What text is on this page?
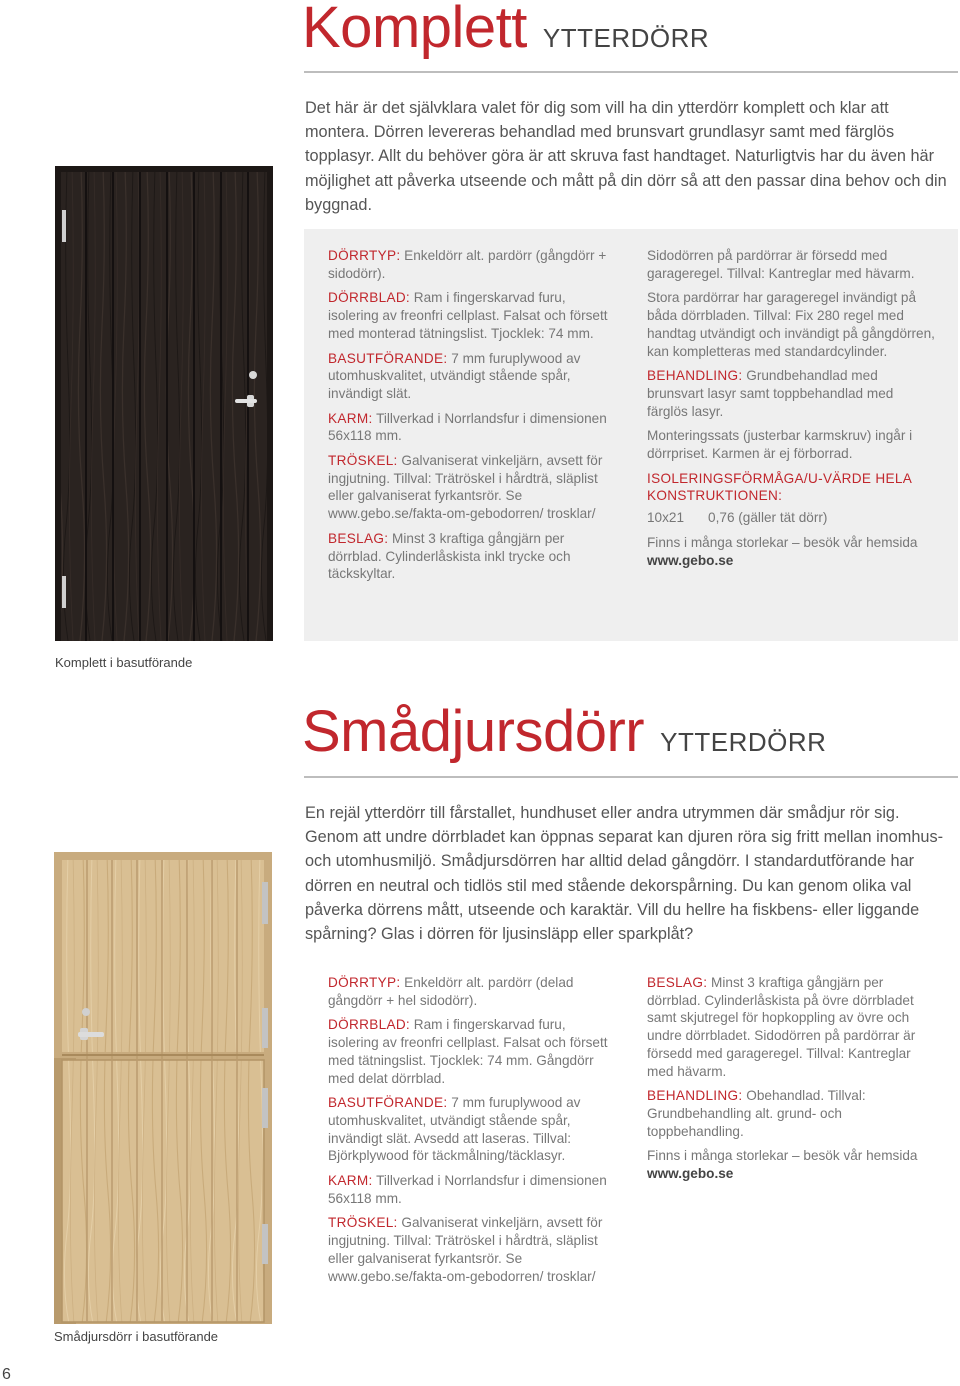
Komplett YTTERDÖRR
Det här är det självklara valet för dig som vill ha din ytterdörr komplett och klar att montera. Dörren levereras behandlad med brunsvart grundlasyr samt med färglös topplasyr. Allt du behöver göra är att skruva fast handtaget. Naturligtvis har du även här möjlighet att påverka utseende och mått på din dörr så att den passar dina behov och din byggnad.
Komplett i basutförande

DÖRRTYP: Enkeldörr alt. pardörr (gångdörr + sidodörr).

DÖRRBLAD: Ram i fingerskarvad furu, isolering av freonfri cellplast. Falsat och försett med monterad tätningslist. Tjocklek: 74 mm.

BASUTFÖRANDE: 7 mm furuplywood av utomhuskvalitet, utvändigt stående spår, invändigt slät.

KARM: Tillverkad i Norrlandsfur i dimensionen 56x118 mm.

TRÖSKEL: Galvaniserat vinkeljärn, avsett för ingjutning. Tillval: Trätröskel i hårdträ, släplist eller galvaniserat fyrkantsrör. Se www.gebo.se/fakta-om-gebodorren/ trosklar/

BESLAG: Minst 3 kraftiga gångjärn per dörrblad. Cylinderlåskista inkl trycke och täckskyltar.

Sidodörren på pardörrar är försedd med garageregel. Tillval: Kantreglar med hävarm.

Stora pardörrar har garageregel invändigt på båda dörrbladen. Tillval: Fix 280 regel med handtag utvändigt och invändigt på gångdörren, kan kompletteras med standardcylinder.

BEHANDLING: Grundbehandlad med brunsvart lasyr samt toppbehandlad med färglös lasyr.

Monteringssats (justerbar karmskruv) ingår i dörrpriset. Karmen är ej förborrad.

ISOLERINGSFÖRMÅGA/U-VÄRDE HELA KONSTRUKTIONEN:

10x21 0,76 (gäller tät dörr)

Finns i många storlekar – besök vår hemsida www.gebo.se

Smådjursdörr YTTERDÖRR
En rejäl ytterdörr till fårstallet, hundhuset eller andra utrymmen där smådjur rör sig. Genom att undre dörrbladet kan öppnas separat kan djuren röra sig fritt mellan inomhus- och utomhusmiljö. Smådjursdörren har alltid delad gångdörr. I standardutförande har dörren en neutral och tidlös stil med stående dekorspårning. Du kan genom olika val påverka dörrens mått, utseende och karaktär. Vill du hellre ha fiskbens- eller liggande spårning? Glas i dörren för ljusinsläpp eller sparkplåt?
Smådjursdörr i basutförande

DÖRRTYP: Enkeldörr alt. pardörr (delad gångdörr + hel sidodörr).

DÖRRBLAD: Ram i fingerskarvad furu, isolering av freonfri cellplast. Falsat och försett med tätningslist. Tjocklek: 74 mm. Gångdörr med delat dörrblad.

BASUTFÖRANDE: 7 mm furuplywood av utomhuskvalitet, utvändigt stående spår, invändigt slät. Avsedd att laseras. Tillval: Björkplywood för täckmålning/täcklasyr.

KARM: Tillverkad i Norrlandsfur i dimensionen 56x118 mm.

TRÖSKEL: Galvaniserat vinkeljärn, avsett för ingjutning. Tillval: Trätröskel i hårdträ, släplist eller galvaniserat fyrkantsrör. Se www.gebo.se/fakta-om-gebodorren/ trosklar/

BESLAG: Minst 3 kraftiga gångjärn per dörrblad. Cylinderlåskista på övre dörrbladet samt skjutregel för hopkoppling av övre och undre dörrbladet. Sidodörren på pardörrar är försedd med garageregel. Tillval: Kantreglar med hävarm.

BEHANDLING: Obehandlad. Tillval: Grundbehandling alt. grund- och toppbehandling.

Finns i många storlekar – besök vår hemsida www.gebo.se

6
